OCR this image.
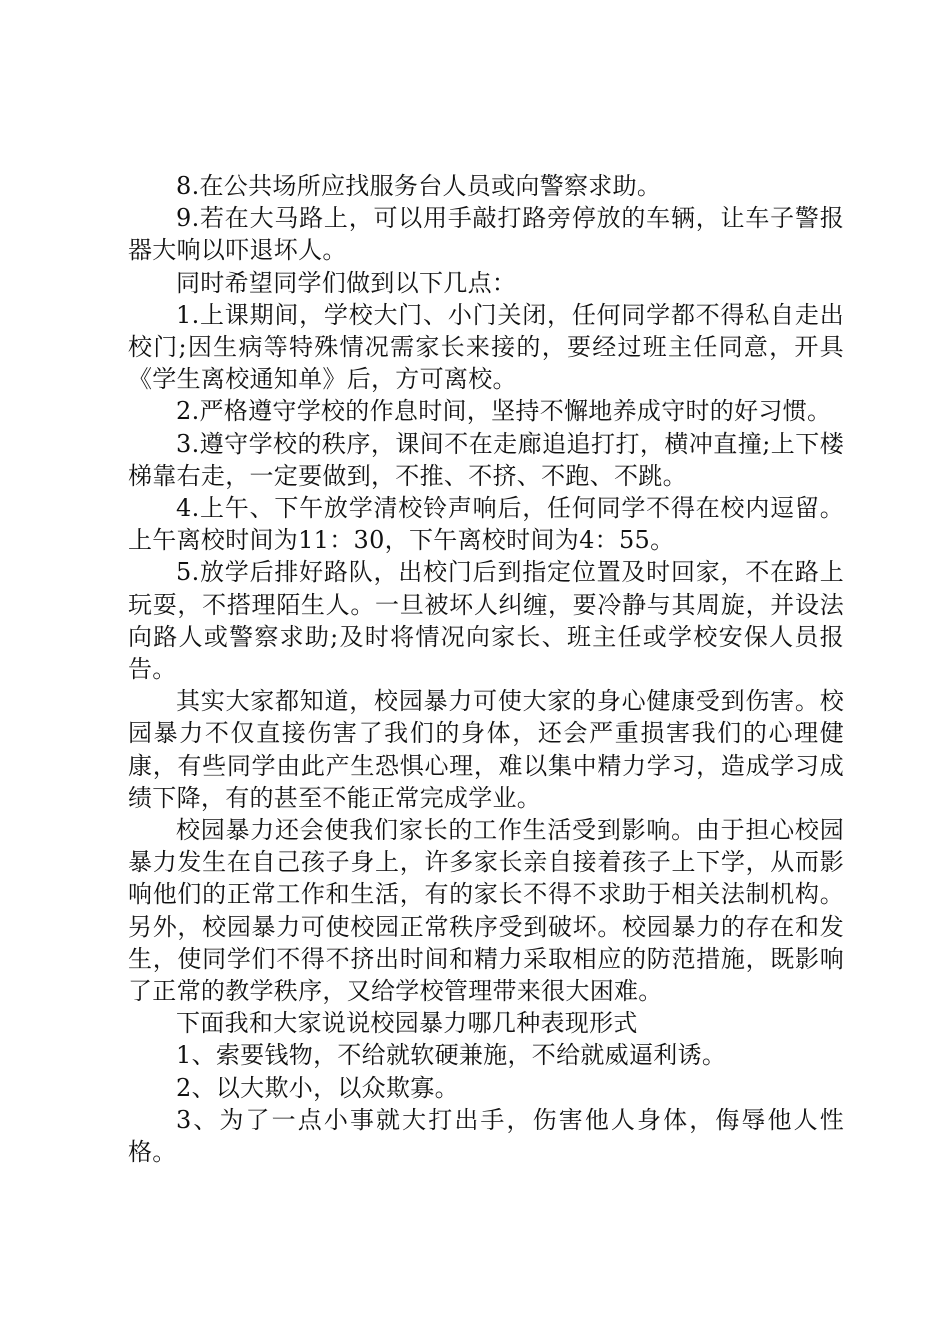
8.在公共场所应找服务台人员或向警察求助。

9.若在大马路上，可以用手敲打路旁停放的车辆，让车子警报器大响以吓退坏人。

同时希望同学们做到以下几点：

1.上课期间，学校大门、小门关闭，任何同学都不得私自走出校门;因生病等特殊情况需家长来接的，要经过班主任同意，开具《学生离校通知单》后，方可离校。

2.严格遵守学校的作息时间，坚持不懈地养成守时的好习惯。

3.遵守学校的秩序，课间不在走廊追追打打，横冲直撞;上下楼梯靠右走，一定要做到，不推、不挤、不跑、不跳。

4.上午、下午放学清校铃声响后，任何同学不得在校内逗留。上午离校时间为11：30，下午离校时间为4：55。

5.放学后排好路队，出校门后到指定位置及时回家，不在路上玩耍，不搭理陌生人。一旦被坏人纠缠，要冷静与其周旋，并设法向路人或警察求助;及时将情况向家长、班主任或学校安保人员报告。

其实大家都知道，校园暴力可使大家的身心健康受到伤害。校园暴力不仅直接伤害了我们的身体，还会严重损害我们的心理健康，有些同学由此产生恐惧心理，难以集中精力学习，造成学习成绩下降，有的甚至不能正常完成学业。

校园暴力还会使我们家长的工作生活受到影响。由于担心校园暴力发生在自己孩子身上，许多家长亲自接着孩子上下学，从而影响他们的正常工作和生活，有的家长不得不求助于相关法制机构。另外，校园暴力可使校园正常秩序受到破坏。校园暴力的存在和发生，使同学们不得不挤出时间和精力采取相应的防范措施，既影响了正常的教学秩序，又给学校管理带来很大困难。

下面我和大家说说校园暴力哪几种表现形式

1、索要钱物，不给就软硬兼施，不给就威逼利诱。

2、以大欺小，以众欺寡。

3、为了一点小事就大打出手，伤害他人身体，侮辱他人性格。
